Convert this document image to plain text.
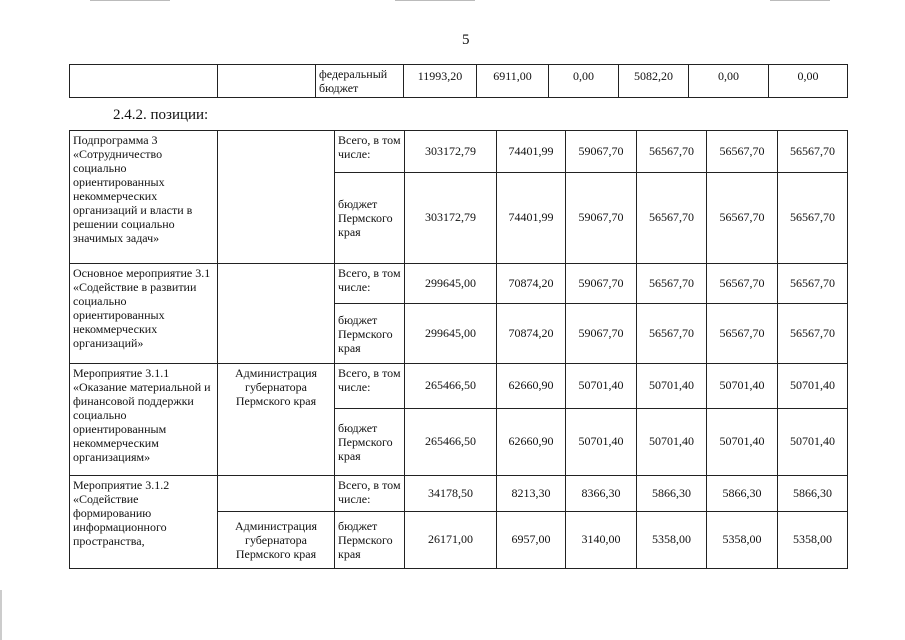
5
		федеральный бюджет	11993,20	6911,00	0,00	5082,20	0,00	0,00
2.4.2. позиции:
Подпрограмма 3 «Сотрудничество социально ориентированных некоммерческих организаций и власти в решении социально значимых задач»		Всего, в том числе:	303172,79	74401,99	59067,70	56567,70	56567,70	56567,70
		бюджет Пермского края	303172,79	74401,99	59067,70	56567,70	56567,70	56567,70
Основное мероприятие 3.1 «Содействие в развитии социально ориентированных некоммерческих организаций»		Всего, в том числе:	299645,00	70874,20	59067,70	56567,70	56567,70	56567,70
		бюджет Пермского края	299645,00	70874,20	59067,70	56567,70	56567,70	56567,70
Мероприятие 3.1.1 «Оказание материальной и финансовой поддержки социально ориентированным некоммерческим организациям»	Администрация губернатора Пермского края	Всего, в том числе:	265466,50	62660,90	50701,40	50701,40	50701,40	50701,40
		бюджет Пермского края	265466,50	62660,90	50701,40	50701,40	50701,40	50701,40
Мероприятие 3.1.2 «Содействие формированию информационного пространства,		Всего, в том числе:	34178,50	8213,30	8366,30	5866,30	5866,30	5866,30
	Администрация губернатора Пермского края	бюджет Пермского края	26171,00	6957,00	3140,00	5358,00	5358,00	5358,00
